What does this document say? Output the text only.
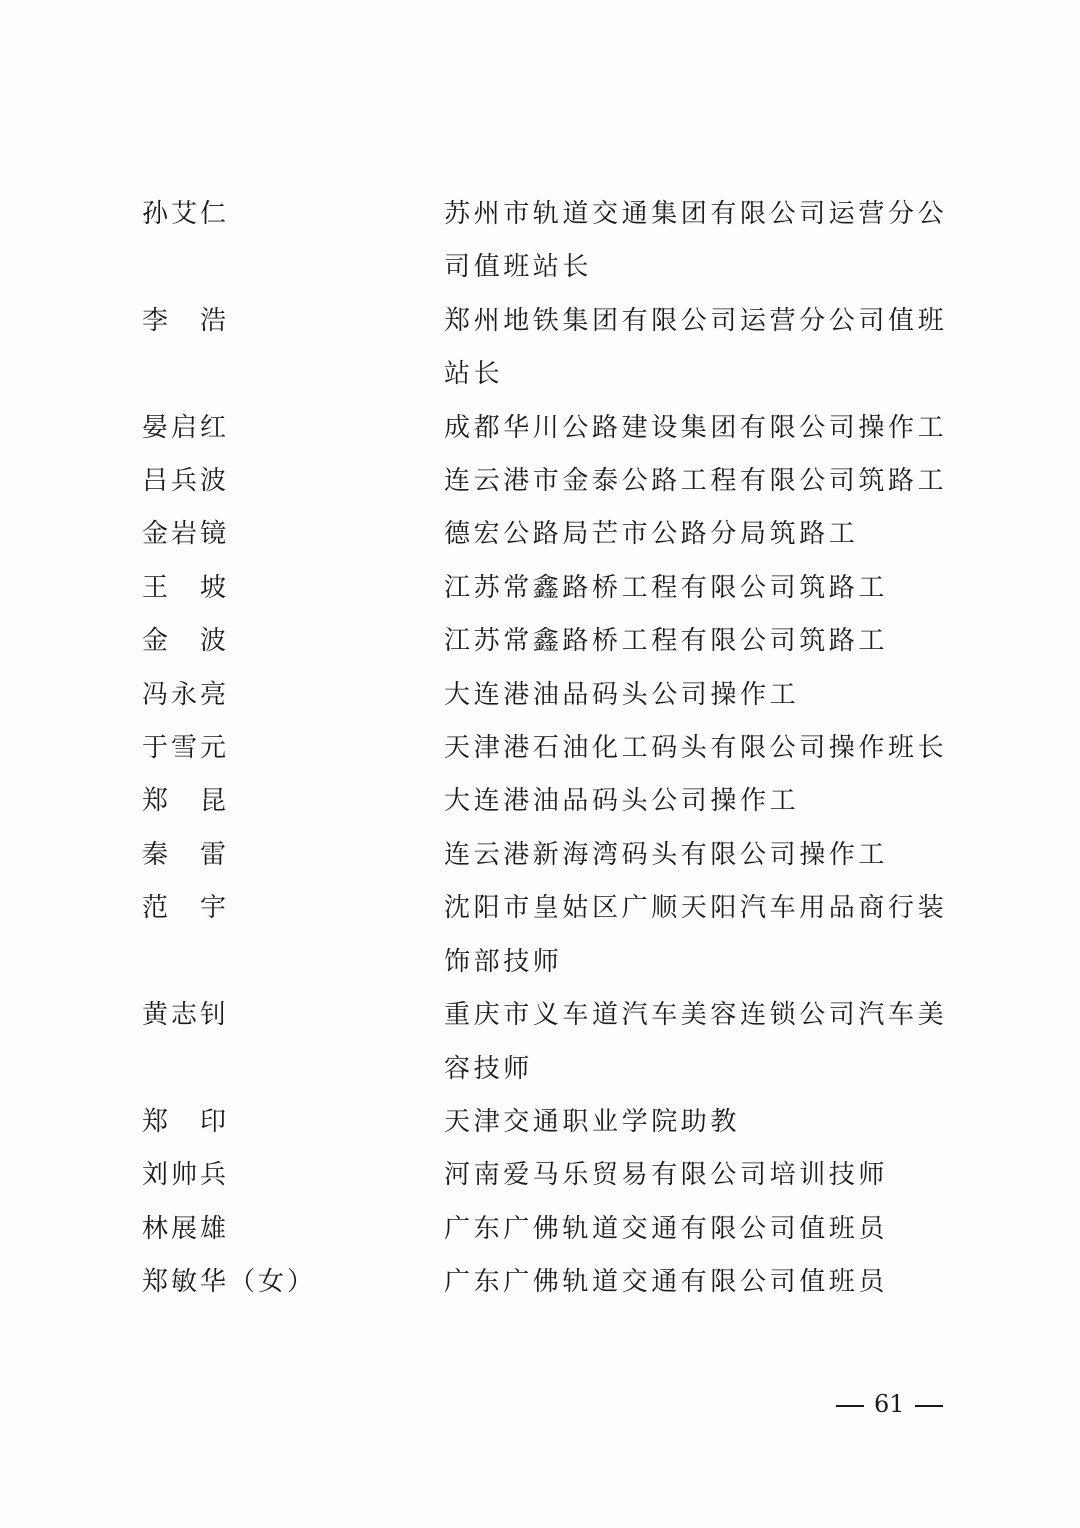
孙艾仁	苏州市轨道交通集团有限公司运营分公
司值班站长
李 浩	郑州地铁集团有限公司运营分公司值班
站长
晏启红	成都华川公路建设集团有限公司操作工
吕兵波	连云港市金泰公路工程有限公司筑路工
金岩镜	德宏公路局芒市公路分局筑路工
王 坡	江苏常鑫路桥工程有限公司筑路工
金 波	江苏常鑫路桥工程有限公司筑路工
冯永亮	大连港油品码头公司操作工
于雪元	天津港石油化工码头有限公司操作班长
郑 昆	大连港油品码头公司操作工
秦 雷	连云港新海湾码头有限公司操作工
范 宇	沈阳市皇姑区广顺天阳汽车用品商行装
饰部技师
黄志钊	重庆市义车道汽车美容连锁公司汽车美
容技师
郑 印	天津交通职业学院助教
刘帅兵	河南爱马乐贸易有限公司培训技师
林展雄	广东广佛轨道交通有限公司值班员
郑敏华（女）	广东广佛轨道交通有限公司值班员
61
